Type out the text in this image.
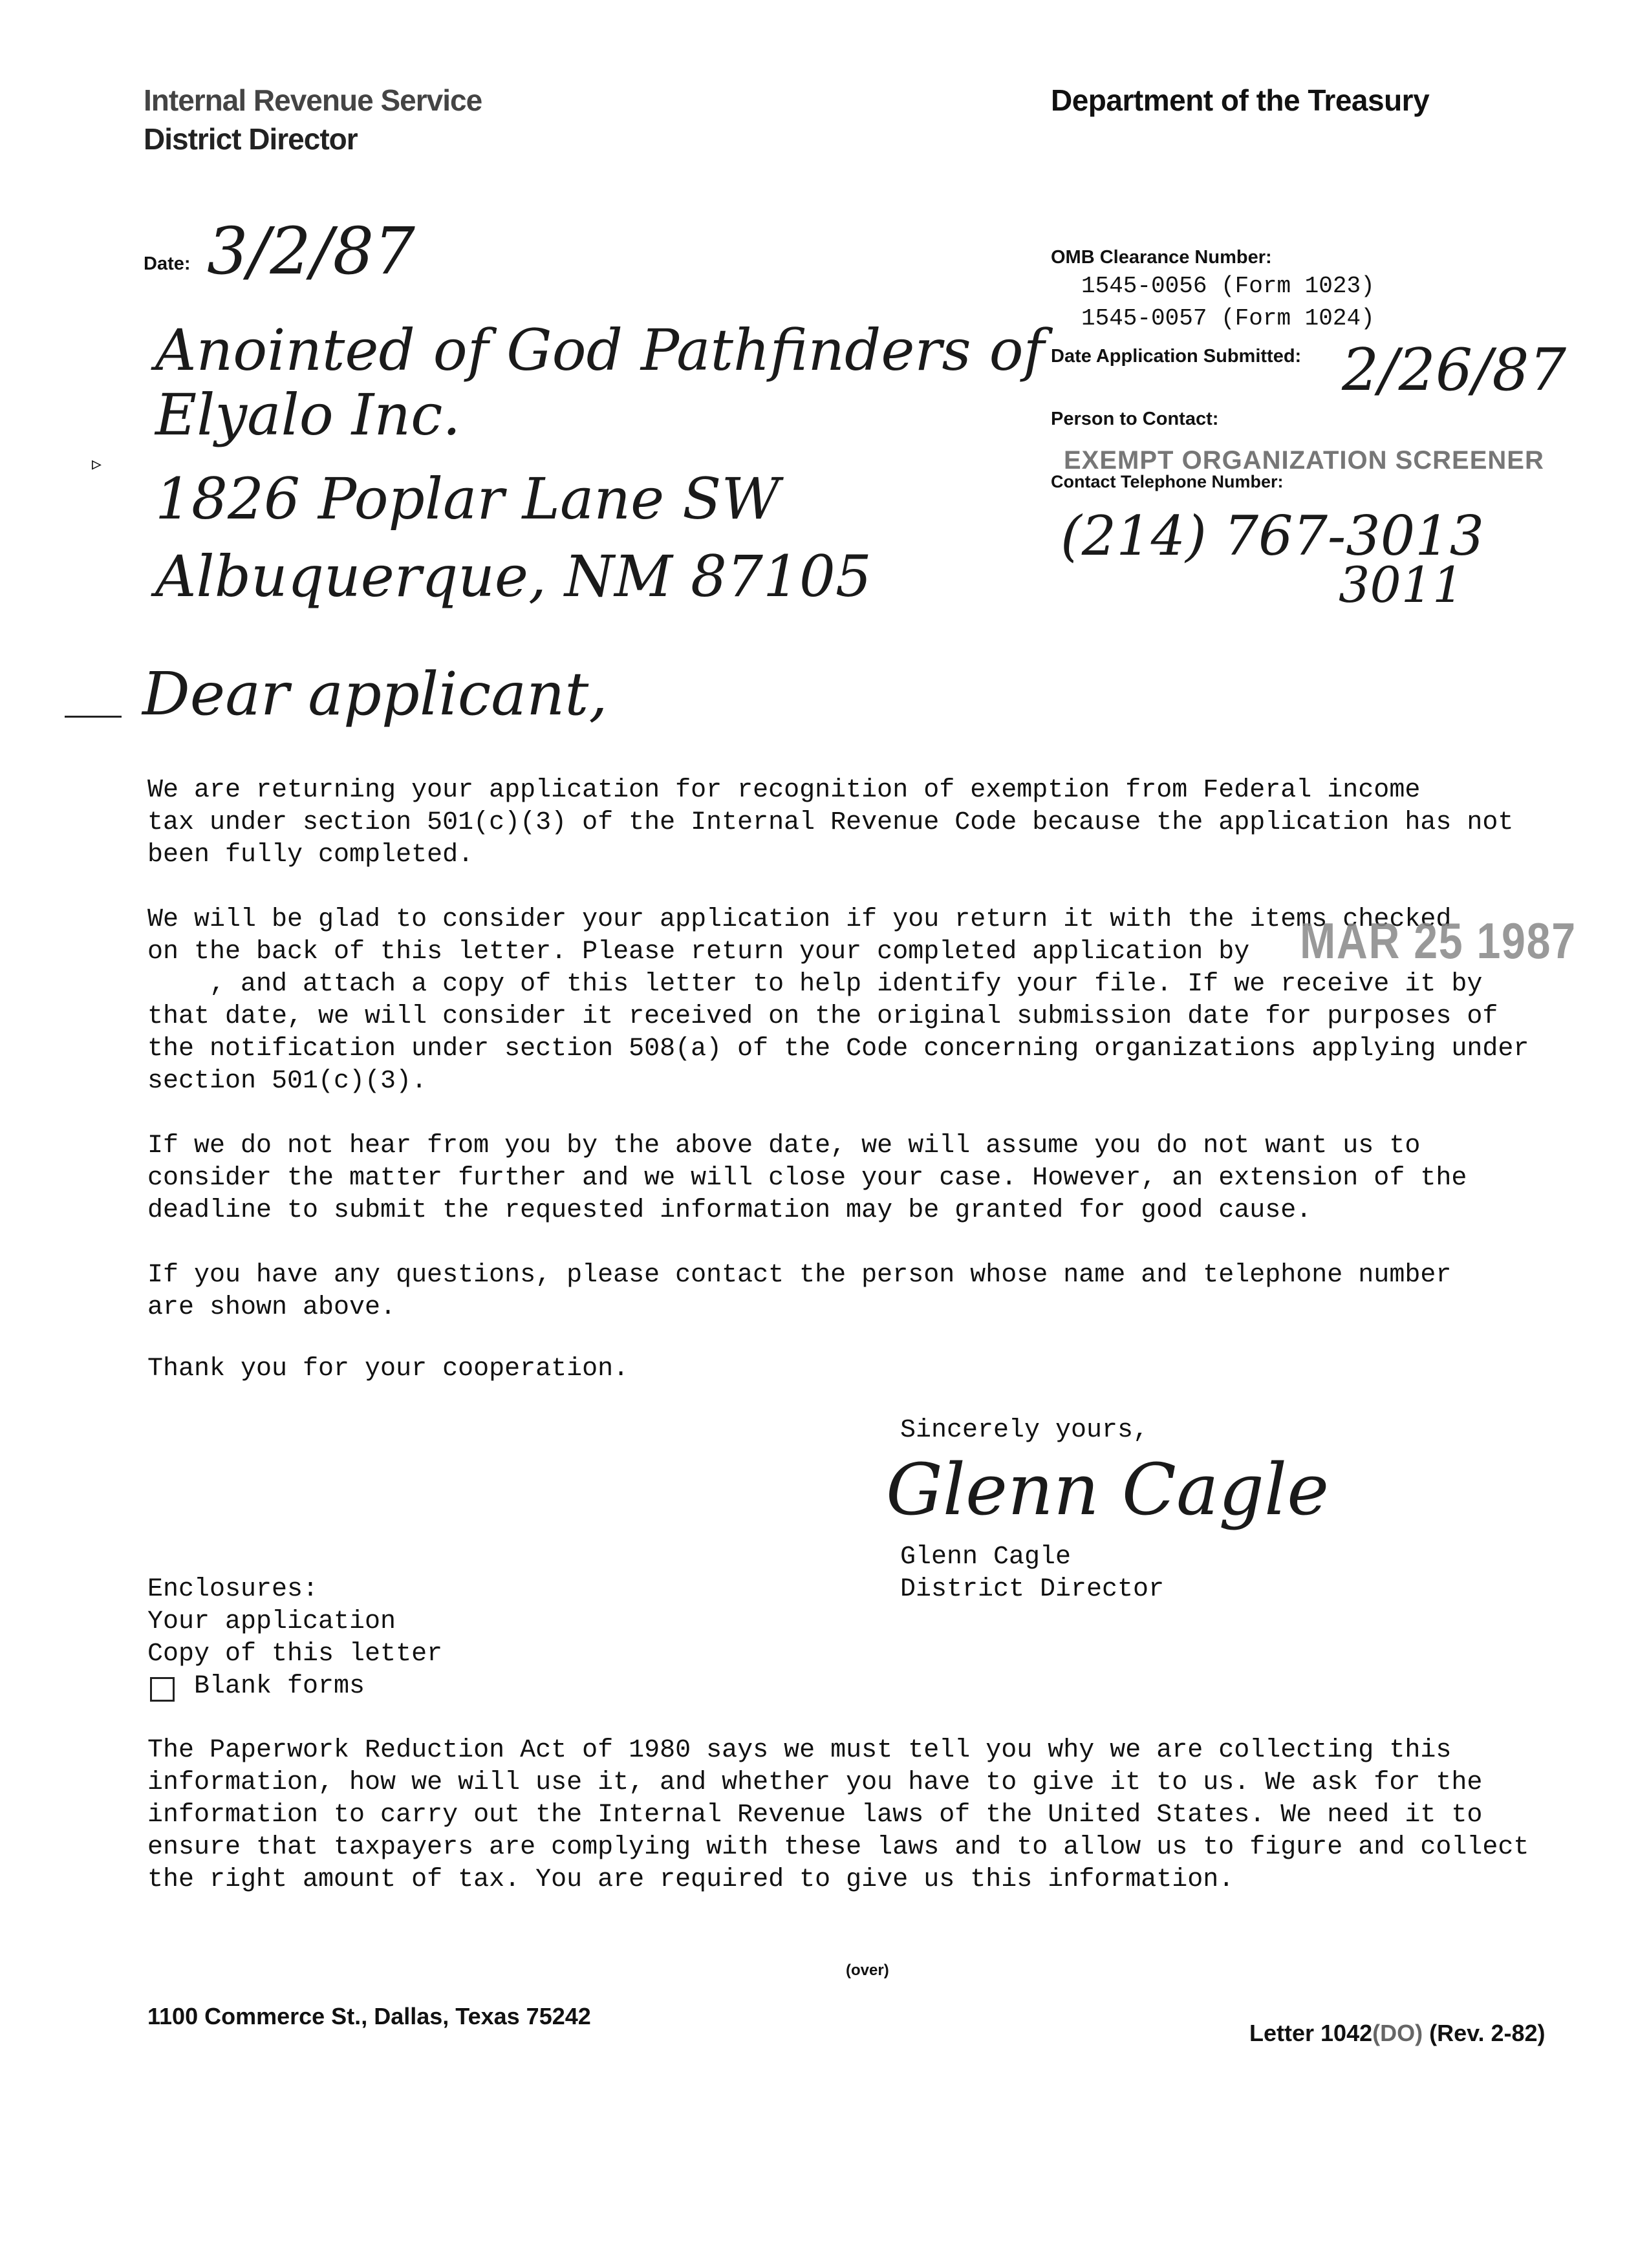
Internal Revenue Service
District Director
Department of the Treasury
Date: 3/2/87	OMB Clearance Number:
1545-0056 (Form 1023)
1545-0057 (Form 1024)
Date Application Submitted: 2/26/87
Person to Contact:
EXEMPT ORGANIZATION SCREENER
Contact Telephone Number:
(214) 767-3013
3011
▹
Anointed of God Pathfinders of
Elyalo Inc.
1826 Poplar Lane SW
Albuquerque, NM 87105
Dear applicant,
We are returning your application for recognition of exemption from Federal income
tax under section 501(c)(3) of the Internal Revenue Code because the application has not
been fully completed.
We will be glad to consider your application if you return it with the items checked
on the back of this letter. Please return your completed application by
, and attach a copy of this letter to help identify your file. If we receive it by
that date, we will consider it received on the original submission date for purposes of
the notification under section 508(a) of the Code concerning organizations applying under
section 501(c)(3).
MAR 25 1987
If we do not hear from you by the above date, we will assume you do not want us to
consider the matter further and we will close your case. However, an extension of the
deadline to submit the requested information may be granted for good cause.
If you have any questions, please contact the person whose name and telephone number
are shown above.
Thank you for your cooperation.
Sincerely yours,
Glenn Cagle
Glenn Cagle
District Director
Enclosures:
Your application
Copy of this letter
Blank forms
The Paperwork Reduction Act of 1980 says we must tell you why we are collecting this
information, how we will use it, and whether you have to give it to us. We ask for the
information to carry out the Internal Revenue laws of the United States. We need it to
ensure that taxpayers are complying with these laws and to allow us to figure and collect
the right amount of tax. You are required to give us this information.
(over)
1100 Commerce St., Dallas, Texas 75242
Letter 1042(DO) (Rev. 2-82)
